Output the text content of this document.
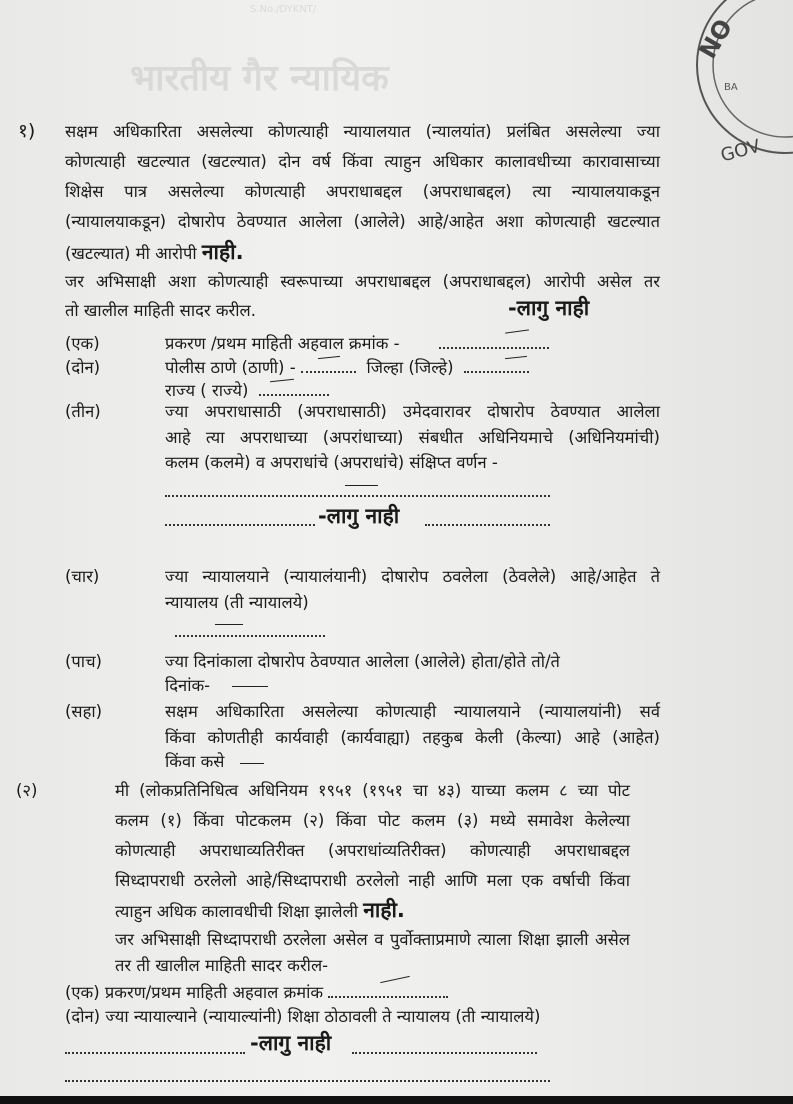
S.No./DYKNT/
भारतीय गैर न्यायिक
NO
BA
GOV
१) सक्षम अधिकारिता असलेल्या कोणत्याही न्यायालयात (न्यालयांत) प्रलंबित असलेल्या ज्या
कोणत्याही खटल्यात (खटल्यात) दोन वर्ष किंवा त्याहुन अधिकार कालावधीच्या कारावासाच्या
शिक्षेस पात्र असलेल्या कोणत्याही अपराधाबद्दल (अपराधाबद्दल) त्या न्यायालयाकडून
(न्यायालयाकडून) दोषारोप ठेवण्यात आलेला (आलेले) आहे/आहेत अशा कोणत्याही खटल्यात
(खटल्यात) मी आरोपी नाही.
जर अभिसाक्षी अशा कोणत्याही स्वरूपाच्या अपराधाबद्दल (अपराधाबद्दल) आरोपी असेल तर
तो खालील माहिती सादर करील.	-लागु नाही
(एक)	प्रकरण /प्रथम माहिती अहवाल क्रमांक -
(दोन)	पोलीस ठाणे (ठाणी) -	जिल्हा (जिल्हे)
राज्य ( राज्ये)
(तीन)	ज्या अपराधासाठी (अपराधासाठी) उमेदवारावर दोषारोप ठेवण्यात आलेला
आहे त्या अपराधाच्या (अपरांधाच्या) संबधीत अधिनियमाचे (अधिनियमांची)
कलम (कलमे) व अपराधांचे (अपराधांचे) संक्षिप्त वर्णन -
-लागु नाही
(चार)	ज्या न्यायालयाने (न्यायालंयानी) दोषारोप ठवलेला (ठेवलेले) आहे/आहेत ते
न्यायालय (ती न्यायालये)
(पाच)	ज्या दिनांकाला दोषारोप ठेवण्यात आलेला (आलेले) होता/होते तो/ते
दिनांक-
(सहा)	सक्षम अधिकारिता असलेल्या कोणत्याही न्यायालयाने (न्यायालयांनी) सर्व
किंवा कोणतीही कार्यवाही (कार्यवाह्या) तहकुब केली (केल्या) आहे (आहेत)
किंवा कसे
(२)	मी (लोकप्रतिनिधित्व अधिनियम १९५१ (१९५१ चा ४३) याच्या कलम ८ च्या पोट
कलम (१) किंवा पोटकलम (२) किंवा पोट कलम (३) मध्ये समावेश केलेल्या
कोणत्याही अपराधाव्यतिरीक्त (अपराधांव्यतिरीक्त) कोणत्याही अपराधाबद्दल
सिध्दापराधी ठरलेलो आहे/सिध्दापराधी ठरलेलो नाही आणि मला एक वर्षाची किंवा
त्याहुन अधिक कालावधीची शिक्षा झालेली नाही.
जर अभिसाक्षी सिध्दापराधी ठरलेला असेल व पुर्वोक्ताप्रमाणे त्याला शिक्षा झाली असेल
तर ती खालील माहिती सादर करील-
(एक) प्रकरण/प्रथम माहिती अहवाल क्रमांक
(दोन) ज्या न्यायाल्याने (न्यायाल्यांनी) शिक्षा ठोठावली ते न्यायालय (ती न्यायालये)
-लागु नाही
